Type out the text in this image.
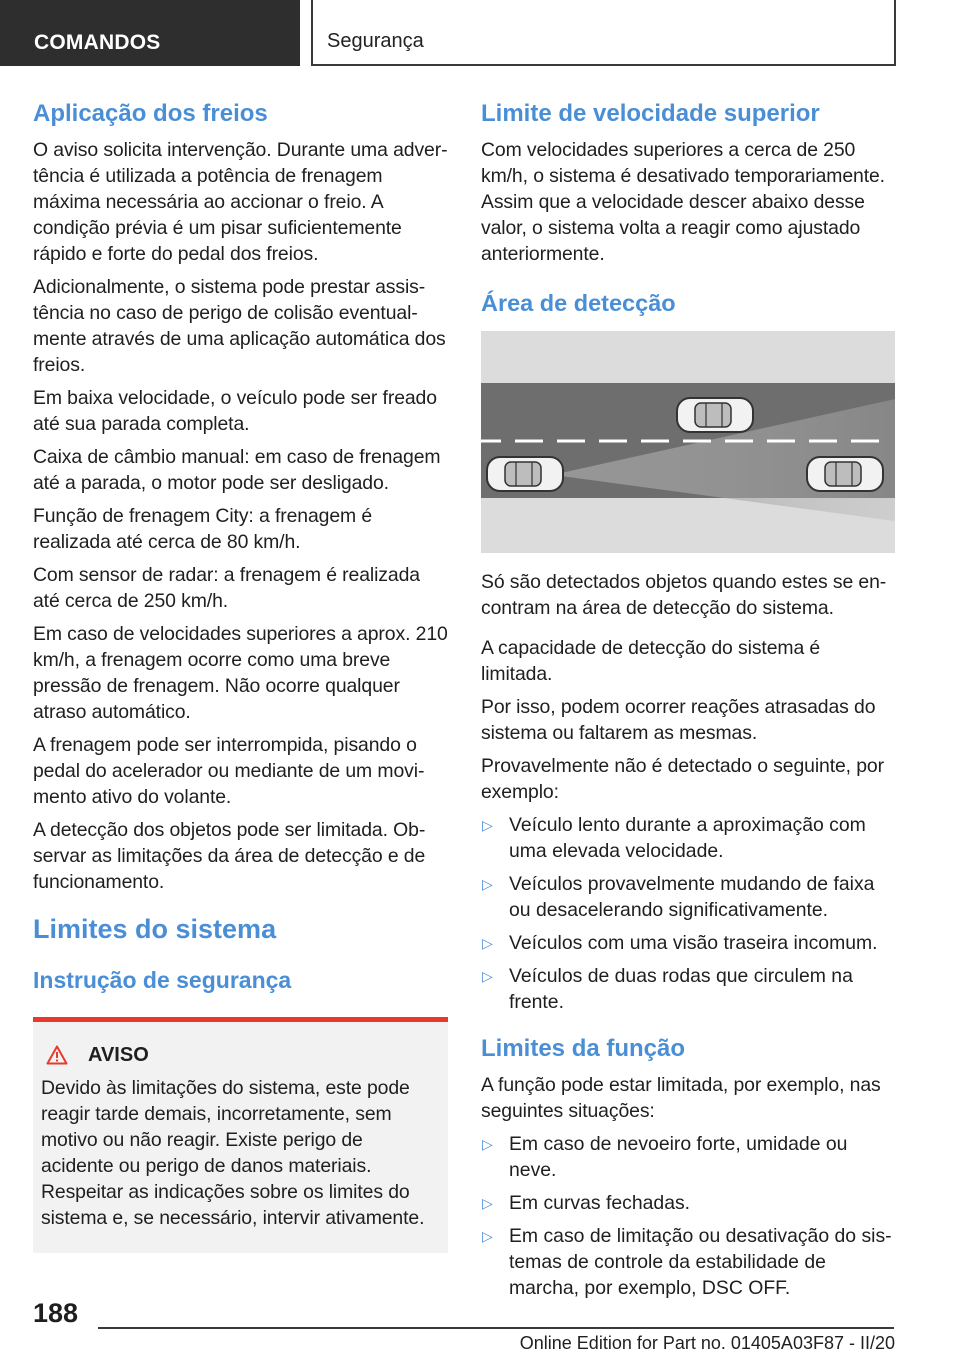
COMANDOS	Segurança
Aplicação dos freios

O aviso solicita intervenção. Durante uma advertência é utilizada a potência de frenagem máxima necessária ao accionar o freio. A condição prévia é um pisar suficientemente rápido e forte do pedal dos freios.

Adicionalmente, o sistema pode prestar assistência no caso de perigo de colisão eventualmente através de uma aplicação automática dos freios.

Em baixa velocidade, o veículo pode ser freado até sua parada completa.

Caixa de câmbio manual: em caso de frenagem até a parada, o motor pode ser desligado.

Função de frenagem City: a frenagem é realizada até cerca de 80 km/h.

Com sensor de radar: a frenagem é realizada até cerca de 250 km/h.

Em caso de velocidades superiores a aprox. 210 km/h, a frenagem ocorre como uma breve pressão de frenagem. Não ocorre qualquer atraso automático.

A frenagem pode ser interrompida, pisando o pedal do acelerador ou mediante de um movimento ativo do volante.

A detecção dos objetos pode ser limitada. Observar as limitações da área de detecção e de funcionamento.

Limites do sistema
Instrução de segurança
AVISO

Devido às limitações do sistema, este pode reagir tarde demais, incorretamente, sem motivo ou não reagir. Existe perigo de acidente ou perigo de danos materiais. Respeitar as indicações sobre os limites do sistema e, se necessário, intervir ativamente.

Limite de velocidade superior

Com velocidades superiores a cerca de 250 km/h, o sistema é desativado temporariamente. Assim que a velocidade descer abaixo desse valor, o sistema volta a reagir como ajustado anteriormente.

Área de detecção

Só são detectados objetos quando estes se encontram na área de detecção do sistema.

A capacidade de detecção do sistema é limitada.

Por isso, podem ocorrer reações atrasadas do sistema ou faltarem as mesmas.

Provavelmente não é detectado o seguinte, por exemplo:

▷ Veículo lento durante a aproximação com uma elevada velocidade.
▷ Veículos provavelmente mudando de faixa ou desacelerando significativamente.
▷ Veículos com uma visão traseira incomum.
▷ Veículos de duas rodas que circulem na frente.
Limites da função

A função pode estar limitada, por exemplo, nas seguintes situações:

▷ Em caso de nevoeiro forte, umidade ou neve.
▷ Em curvas fechadas.
▷ Em caso de limitação ou desativação do sistemas de controle da estabilidade de marcha, por exemplo, DSC OFF.
188
Online Edition for Part no. 01405A03F87 - II/20
